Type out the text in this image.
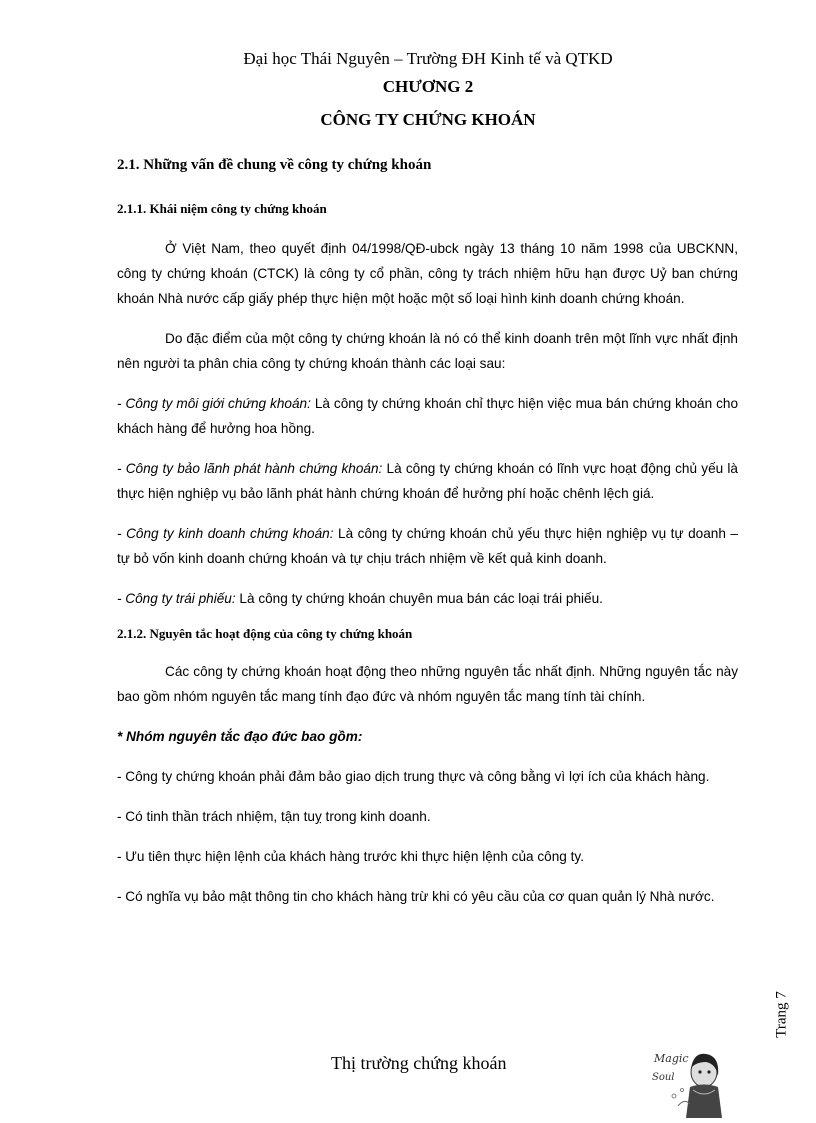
Đại học Thái Nguyên – Trường ĐH Kinh tế và QTKD
CHƯƠNG 2
CÔNG TY CHỨNG KHOÁN
2.1. Những vấn đề chung về công ty chứng khoán
2.1.1. Khái niệm công ty chứng khoán

Ở Việt Nam, theo quyết định 04/1998/QĐ-ubck ngày 13 tháng 10 năm 1998 của UBCKNN, công ty chứng khoán (CTCK) là công ty cổ phần, công ty trách nhiệm hữu hạn được Uỷ ban chứng khoán Nhà nước cấp giấy phép thực hiện một hoặc một số loại hình kinh doanh chứng khoán.

Do đặc điểm của một công ty chứng khoán là nó có thể kinh doanh trên một lĩnh vực nhất định nên người ta phân chia công ty chứng khoán thành các loại sau:

- Công ty môi giới chứng khoán: Là công ty chứng khoán chỉ thực hiện việc mua bán chứng khoán cho khách hàng để hưởng hoa hồng.

- Công ty bảo lãnh phát hành chứng khoán: Là công ty chứng khoán có lĩnh vực hoạt động chủ yếu là thực hiện nghiệp vụ bảo lãnh phát hành chứng khoán để hưởng phí hoặc chênh lệch giá.

- Công ty kinh doanh chứng khoán: Là công ty chứng khoán chủ yếu thực hiện nghiệp vụ tự doanh – tự bỏ vốn kinh doanh chứng khoán và tự chịu trách nhiệm về kết quả kinh doanh.

- Công ty trái phiếu: Là công ty chứng khoán chuyên mua bán các loại trái phiếu.

2.1.2. Nguyên tắc hoạt động của công ty chứng khoán

Các công ty chứng khoán hoạt động theo những nguyên tắc nhất định. Những nguyên tắc này bao gồm nhóm nguyên tắc mang tính đạo đức và nhóm nguyên tắc mang tính tài chính.

* Nhóm nguyên tắc đạo đức bao gồm:

- Công ty chứng khoán phải đảm bảo giao dịch trung thực và công bằng vì lợi ích của khách hàng.

- Có tinh thần trách nhiệm, tận tuỵ trong kinh doanh.

- Ưu tiên thực hiện lệnh của khách hàng trước khi thực hiện lệnh của công ty.

- Có nghĩa vụ bảo mật thông tin cho khách hàng trừ khi có yêu cầu của cơ quan quản lý Nhà nước.

Trang 7
Thị trường chứng khoán	Magic
Soul
